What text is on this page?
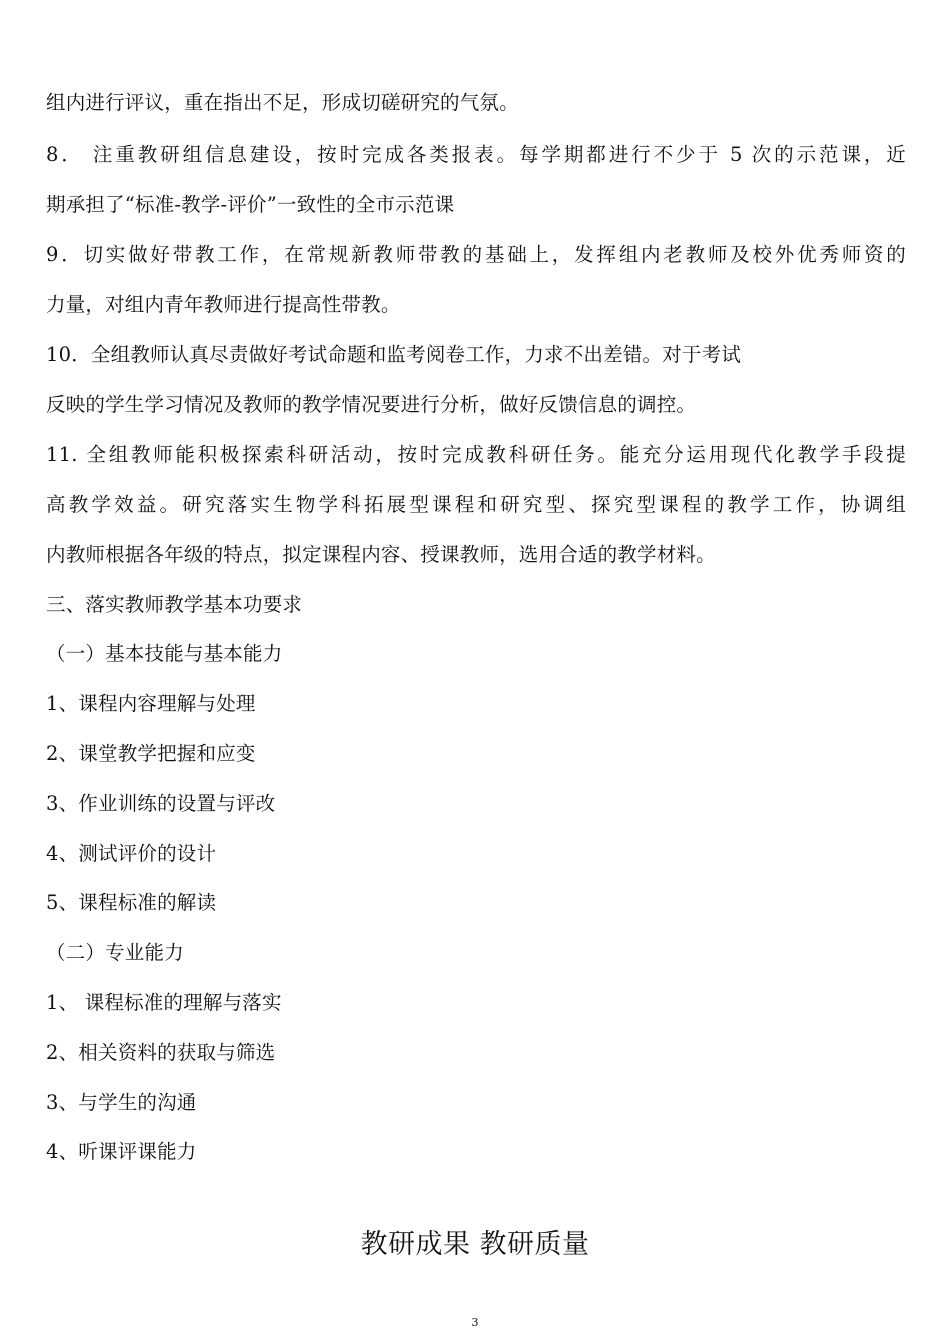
组内进行评议，重在指出不足，形成切磋研究的气氛。
8． 注重教研组信息建设，按时完成各类报表。每学期都进行不少于 5 次的示范课，近
期承担了“标准-教学-评价”一致性的全市示范课
9．切实做好带教工作，在常规新教师带教的基础上，发挥组内老教师及校外优秀师资的
力量，对组内青年教师进行提高性带教。
10．全组教师认真尽责做好考试命题和监考阅卷工作，力求不出差错。对于考试
反映的学生学习情况及教师的教学情况要进行分析，做好反馈信息的调控。
11. 全组教师能积极探索科研活动，按时完成教科研任务。能充分运用现代化教学手段提
高教学效益。研究落实生物学科拓展型课程和研究型、探究型课程的教学工作，协调组
内教师根据各年级的特点，拟定课程内容、授课教师，选用合适的教学材料。
三、落实教师教学基本功要求
（一）基本技能与基本能力
1、课程内容理解与处理
2、课堂教学把握和应变
3、作业训练的设置与评改
4、测试评价的设计
5、课程标准的解读
（二）专业能力
1、 课程标准的理解与落实
2、相关资料的获取与筛选
3、与学生的沟通
4、听课评课能力
教研成果 教研质量
3
